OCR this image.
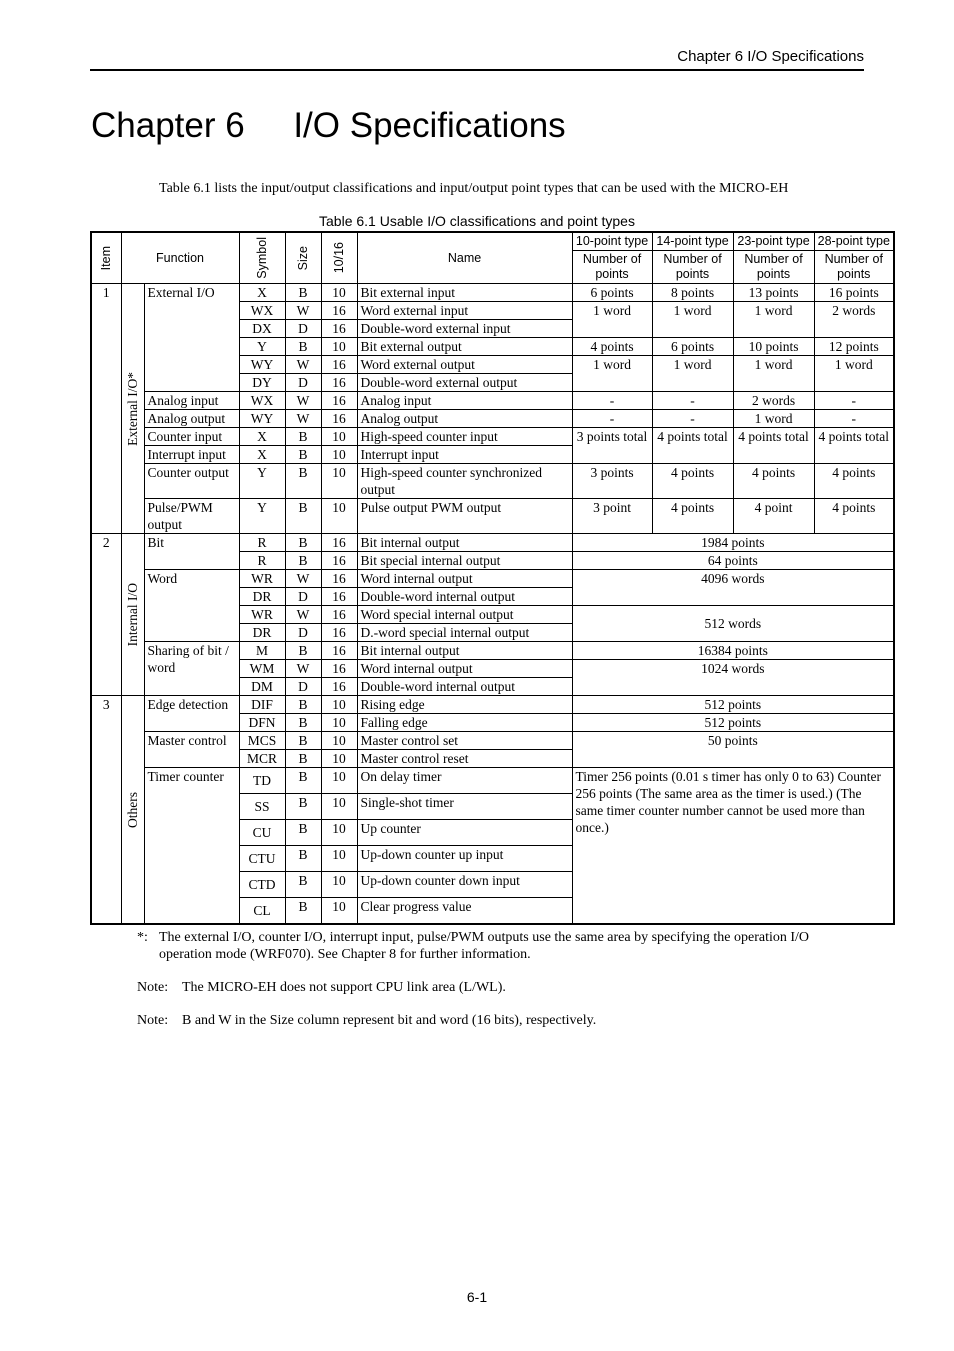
Chapter 6 I/O Specifications
Chapter 6     I/O Specifications
Table 6.1 lists the input/output classifications and input/output point types that can be used with the MICRO-EH
Table 6.1 Usable I/O classifications and point types
Item	Function		Symbol	Size	10/16	Name	10-point type	14-point type	23-point type	28-point type
							Number of points	Number of points	Number of points	Number of points
1	External I/O*	External I/O	X	B	10	Bit external input	6 points	8 points	13 points	16 points
			WX	W	16	Word external input	1 word	1 word	1 word	2 words
			DX	D	16	Double-word external input				
			Y	B	10	Bit external output	4 points	6 points	10 points	12 points
			WY	W	16	Word external output	1 word	1 word	1 word	1 word
			DY	D	16	Double-word external output				
		Analog input	WX	W	16	Analog input	-	-	2 words	-
		Analog output	WY	W	16	Analog output	-	-	1 word	-
		Counter input	X	B	10	High-speed counter input	3 points total	4 points total	4 points total	4 points total
		Interrupt input	X	B	10	Interrupt input				
		Counter output	Y	B	10	High-speed counter synchronized output	3 points	4 points	4 points	4 points
		Pulse/PWM output	Y	B	10	Pulse output PWM output	3 point	4 points	4 point	4 points
2	Internal I/O	Bit	R	B	16	Bit internal output	1984 points			
			R	B	16	Bit special internal output	64 points			
		Word	WR	W	16	Word internal output	4096 words			
			DR	D	16	Double-word internal output				
			WR	W	16	Word special internal output	512 words			
			DR	D	16	D.-word special internal output				
		Sharing of bit / word	M	B	16	Bit internal output	16384 points			
			WM	W	16	Word internal output	1024 words			
			DM	D	16	Double-word internal output				
3	Others	Edge detection	DIF	B	10	Rising edge	512 points			
			DFN	B	10	Falling edge	512 points			
		Master control	MCS	B	10	Master control set	50 points			
			MCR	B	10	Master control reset				
		Timer counter	TD	B	10	On delay timer	Timer 256 points (0.01 s timer has only 0 to 63) Counter 256 points (The same area as the timer is used.) (The same timer counter number cannot be used more than once.)			
			SS	B	10	Single-shot timer				
			CU	B	10	Up counter				
			CTU	B	10	Up-down counter up input				
			CTD	B	10	Up-down counter down input				
			CL	B	10	Clear progress value				
*: The external I/O, counter I/O, interrupt input, pulse/PWM outputs use the same area by specifying the operation I/O operation mode (WRF070). See Chapter 8 for further information.
Note: The MICRO-EH does not support CPU link area (L/WL).
Note: B and W in the Size column represent bit and word (16 bits), respectively.
6-1
